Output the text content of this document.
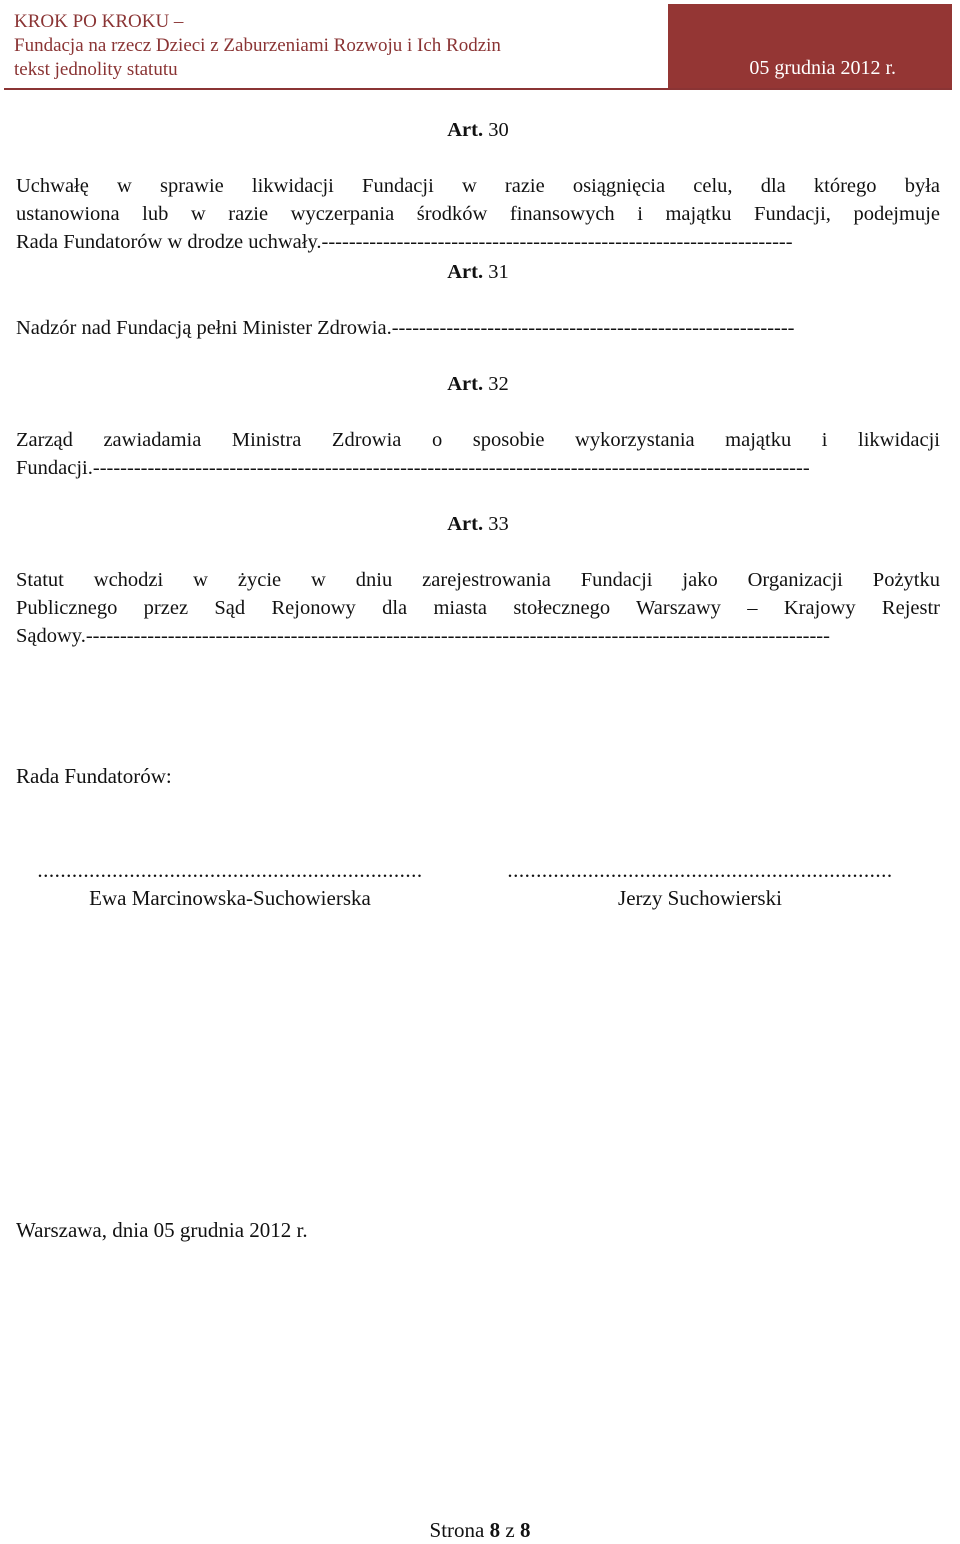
KROK PO KROKU –
Fundacja na rzecz Dzieci z Zaburzeniami Rozwoju i Ich Rodzin
tekst jednolity statutu	05 grudnia 2012 r.

Art. 30

Uchwałę w sprawie likwidacji Fundacji w razie osiągnięcia celu, dla którego była

ustanowiona lub w razie wyczerpania środków finansowych i majątku Fundacji, podejmuje

Rada Fundatorów w drodze uchwały.---------------------------------------------------------------------

Art. 31

Nadzór nad Fundacją pełni Minister Zdrowia.-----------------------------------------------------------

Art. 32

Zarząd zawiadamia Ministra Zdrowia o sposobie wykorzystania majątku i likwidacji

Fundacji.---------------------------------------------------------------------------------------------------------

Art. 33

Statut wchodzi w życie w dniu zarejestrowania Fundacji jako Organizacji Pożytku

Publicznego przez Sąd Rejonowy dla miasta stołecznego Warszawy – Krajowy Rejestr

Sądowy.-------------------------------------------------------------------------------------------------------------
Rada Fundatorów:
...................................................................
Ewa Marcinowska-Suchowierska
...................................................................
Jerzy Suchowierski
Warszawa, dnia 05 grudnia 2012 r.
Strona 8 z 8
